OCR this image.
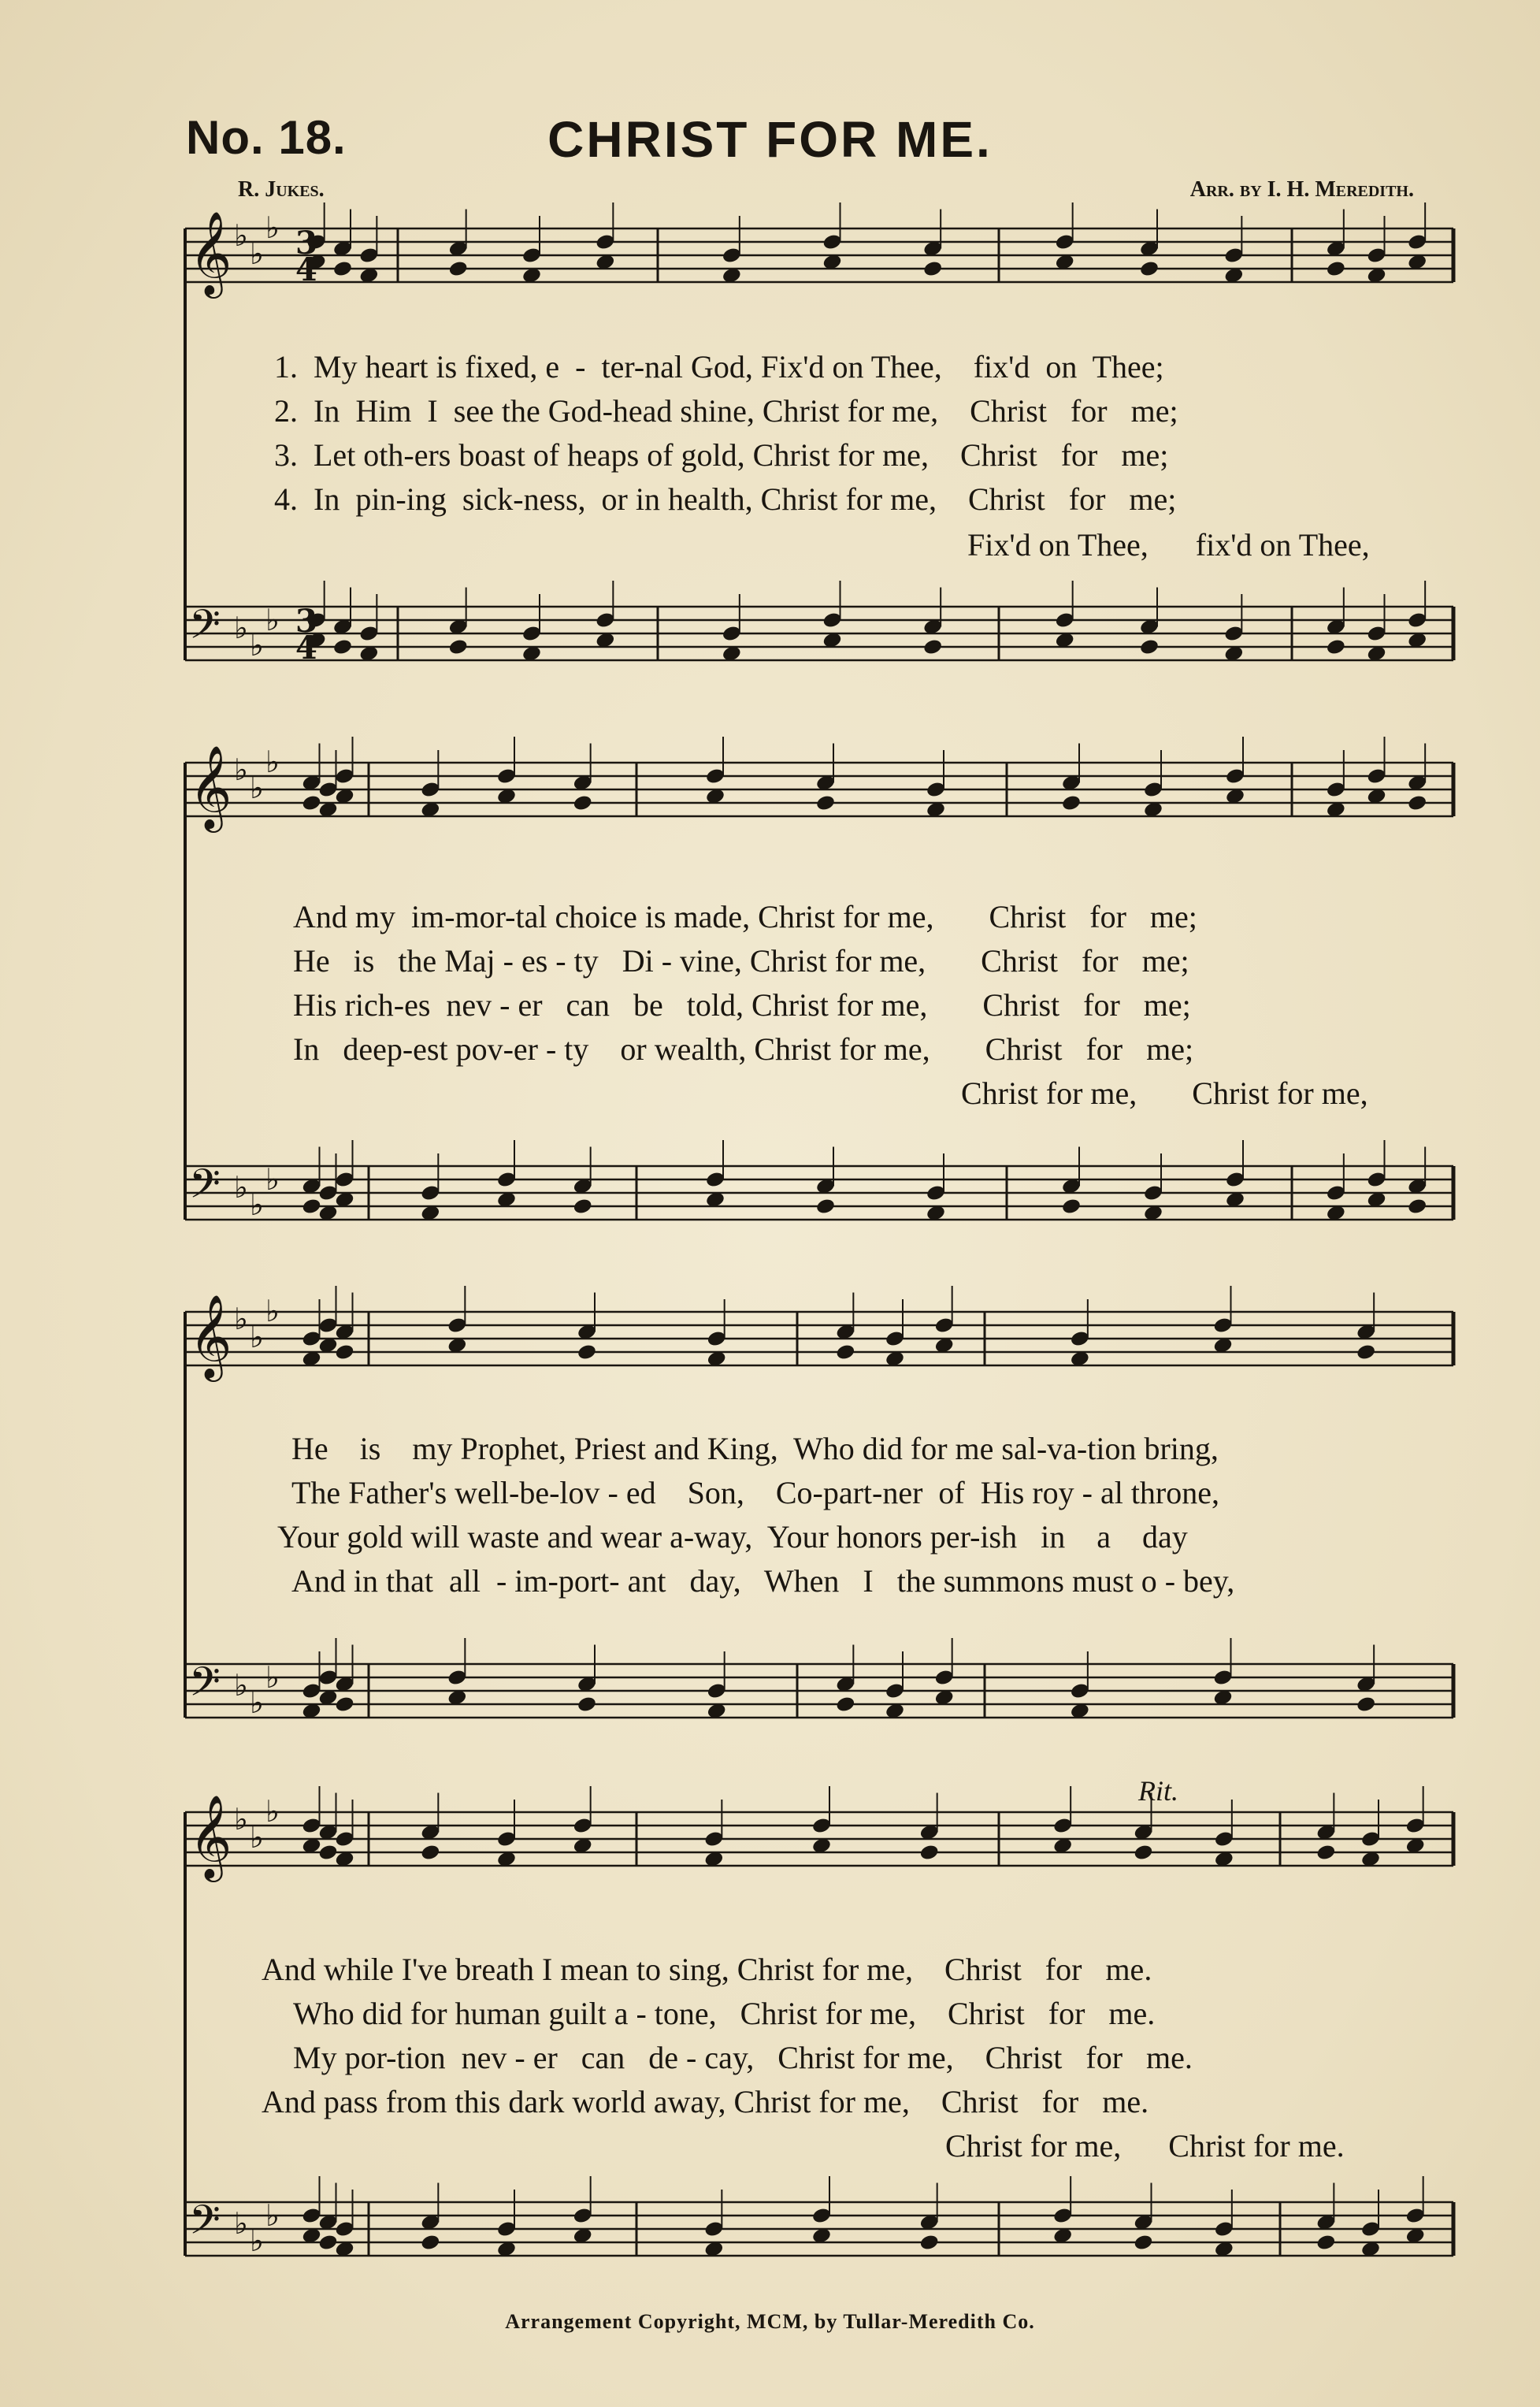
No. 18.	CHRIST FOR ME.
R. Jukes.	Arr. by I. H. Meredith.
𝄞 ♭
♭
♭
𝄢 ♭ ♭
♭
𝄞 ♭
♭
♭
𝄢 ♭ ♭
♭
𝄞 ♭
♭
♭
𝄢 ♭ ♭
♭
𝄞 ♭
♭
♭
𝄢 ♭ ♭
♭
3
4
3
4
1.  My heart is fixed, e  -  ter-nal God, Fix'd on Thee,    fix'd  on  Thee;
2.  In  Him  I  see the God-head shine, Christ for me,    Christ   for   me;
3.  Let oth-ers boast of heaps of gold, Christ for me,    Christ   for   me;
4.  In  pin-ing  sick-ness,  or in health, Christ for me,    Christ   for   me;
Fix'd on Thee,      fix'd on Thee,
And my  im-mor-tal choice is made, Christ for me,       Christ   for   me;
He   is   the Maj - es - ty   Di - vine, Christ for me,       Christ   for   me;
His rich-es  nev - er   can   be   told, Christ for me,       Christ   for   me;
In   deep-est pov-er - ty    or wealth, Christ for me,       Christ   for   me;
Christ for me,       Christ for me,
He    is    my Prophet, Priest and King,  Who did for me sal-va-tion bring,
The Father's well-be-lov - ed    Son,    Co-part-ner  of  His roy - al throne,
Your gold will waste and wear a-way,  Your honors per-ish   in    a    day
And in that  all  - im-port- ant   day,   When   I   the summons must o - bey,
Rit.
And while I've breath I mean to sing, Christ for me,    Christ   for   me.
Who did for human guilt a - tone,   Christ for me,    Christ   for   me.
My por-tion  nev - er   can   de - cay,   Christ for me,    Christ   for   me.
And pass from this dark world away, Christ for me,    Christ   for   me.
Christ for me,      Christ for me.
Arrangement Copyright, MCM, by Tullar-Meredith Co.
